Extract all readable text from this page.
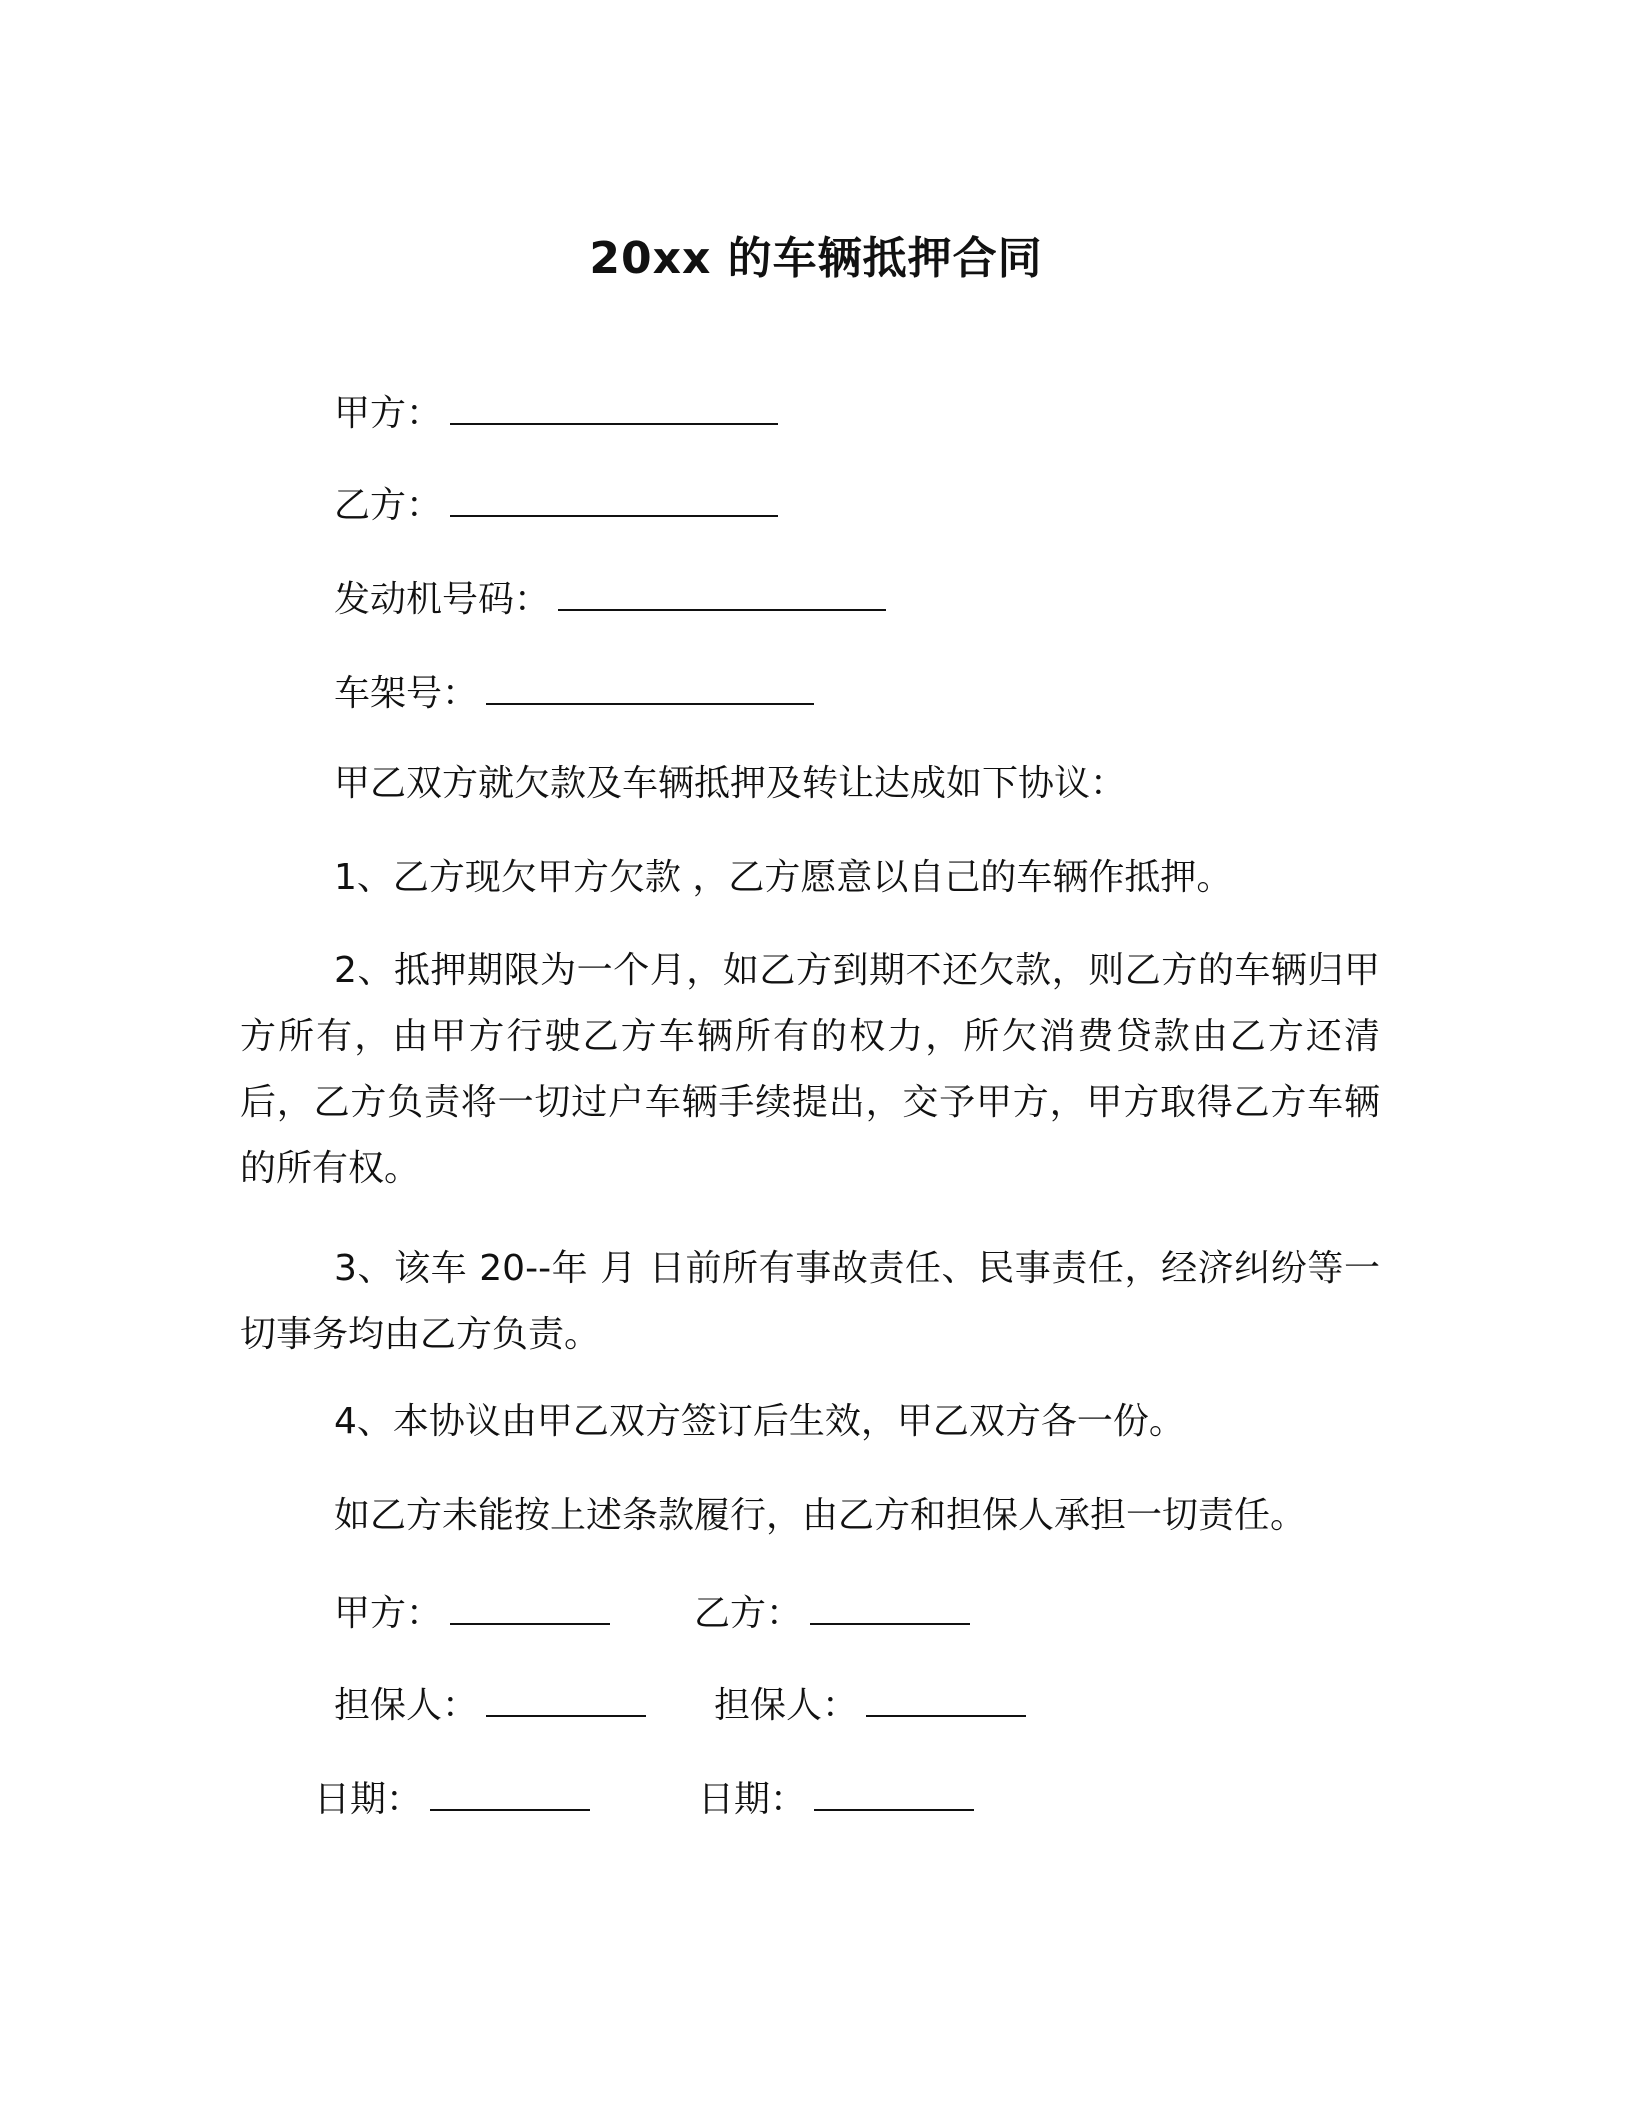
20xx 的车辆抵押合同
甲方：
乙方：
发动机号码：
车架号：
甲乙双方就欠款及车辆抵押及转让达成如下协议：
1、乙方现欠甲方欠款 ，乙方愿意以自己的车辆作抵押。
2、抵押期限为一个月，如乙方到期不还欠款，则乙方的车辆归甲方所有，由甲方行驶乙方车辆所有的权力，所欠消费贷款由乙方还清后，乙方负责将一切过户车辆手续提出，交予甲方，甲方取得乙方车辆的所有权。
3、该车 20--年 月 日前所有事故责任、民事责任，经济纠纷等一切事务均由乙方负责。
4、本协议由甲乙双方签订后生效，甲乙双方各一份。
如乙方未能按上述条款履行，由乙方和担保人承担一切责任。
甲方：	乙方：
担保人：	担保人：
日期：	日期：
